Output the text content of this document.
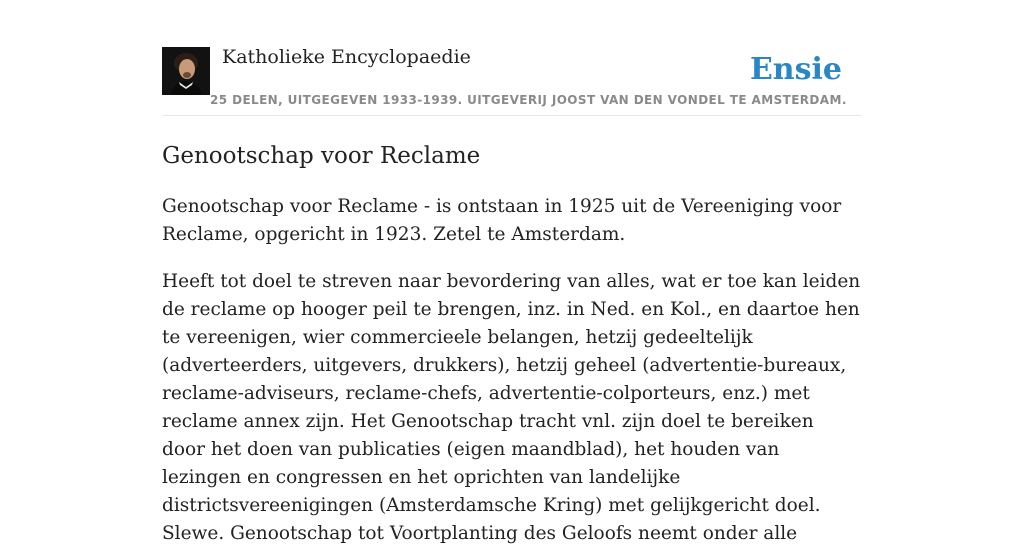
Katholieke Encyclopaedie	Ensie
25 DELEN, UITGEGEVEN 1933-1939. UITGEVERIJ JOOST VAN DEN VONDEL TE AMSTERDAM.
Genootschap voor Reclame

Genootschap voor Reclame - is ontstaan in 1925 uit de Vereeniging voor Reclame, opgericht in 1923. Zetel te Amsterdam.

Heeft tot doel te streven naar bevordering van alles, wat er toe kan leiden de reclame op hooger peil te brengen, inz. in Ned. en Kol., en daartoe hen te vereenigen, wier commercieele belangen, hetzij gedeeltelijk (adverteerders, uitgevers, drukkers), hetzij geheel (advertentie-bureaux, reclame-adviseurs, reclame-chefs, advertentie-colporteurs, enz.) met reclame annex zijn. Het Genootschap tracht vnl. zijn doel te bereiken door het doen van publicaties (eigen maandblad), het houden van lezingen en congressen en het oprichten van landelijke districtsvereenigingen (Amsterdamsche Kring) met gelijkgericht doel. Slewe. Genootschap tot Voortplanting des Geloofs neemt onder alle
